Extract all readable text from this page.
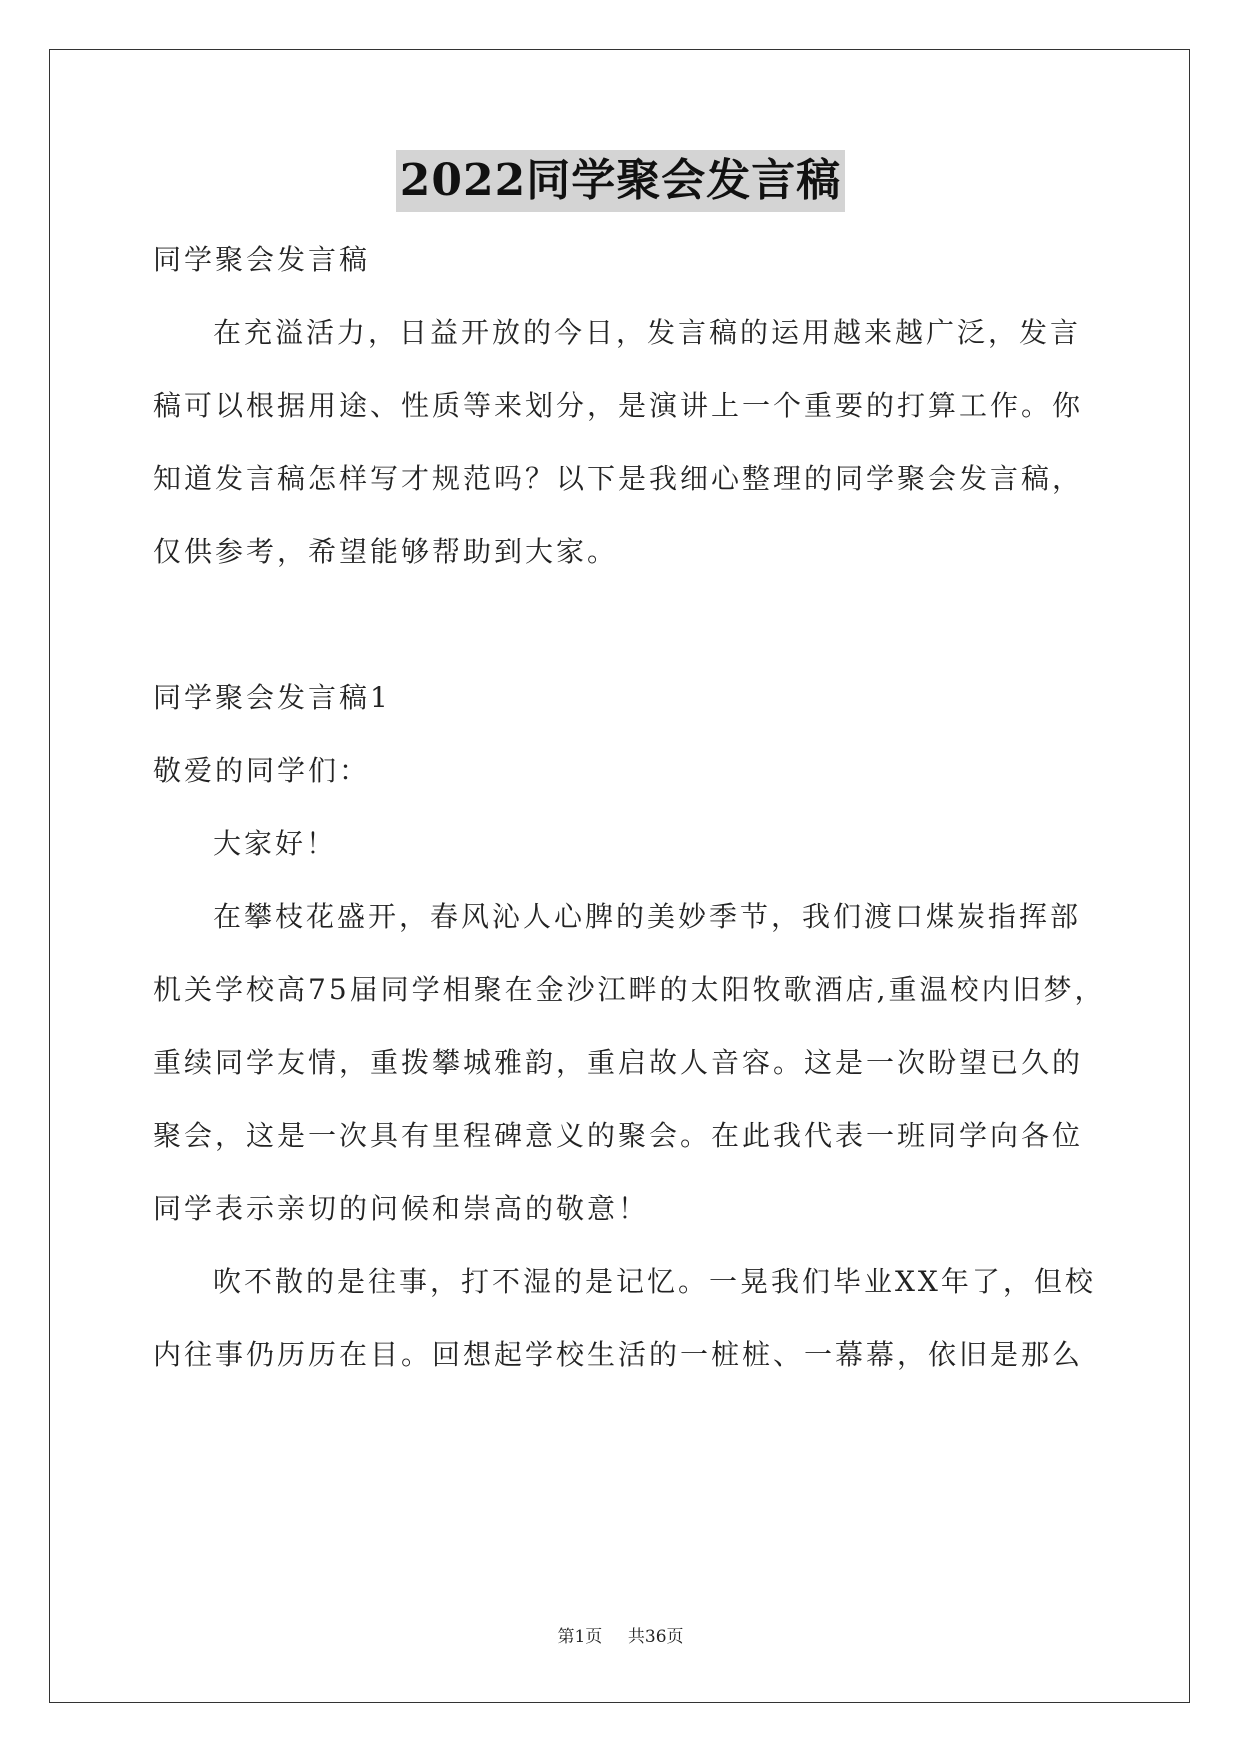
2022同学聚会发言稿
同学聚会发言稿
在充溢活力，日益开放的今日，发言稿的运用越来越广泛，发言
稿可以根据用途、性质等来划分，是演讲上一个重要的打算工作。你
知道发言稿怎样写才规范吗？以下是我细心整理的同学聚会发言稿，
仅供参考，希望能够帮助到大家。
同学聚会发言稿1
敬爱的同学们：
大家好！
在攀枝花盛开，春风沁人心脾的美妙季节，我们渡口煤炭指挥部
机关学校高75届同学相聚在金沙江畔的太阳牧歌酒店,重温校内旧梦，
重续同学友情，重拨攀城雅韵，重启故人音容。这是一次盼望已久的
聚会，这是一次具有里程碑意义的聚会。在此我代表一班同学向各位
同学表示亲切的问候和崇高的敬意！
吹不散的是往事，打不湿的是记忆。一晃我们毕业XX年了，但校
内往事仍历历在目。回想起学校生活的一桩桩、一幕幕，依旧是那么
第1页 共36页
